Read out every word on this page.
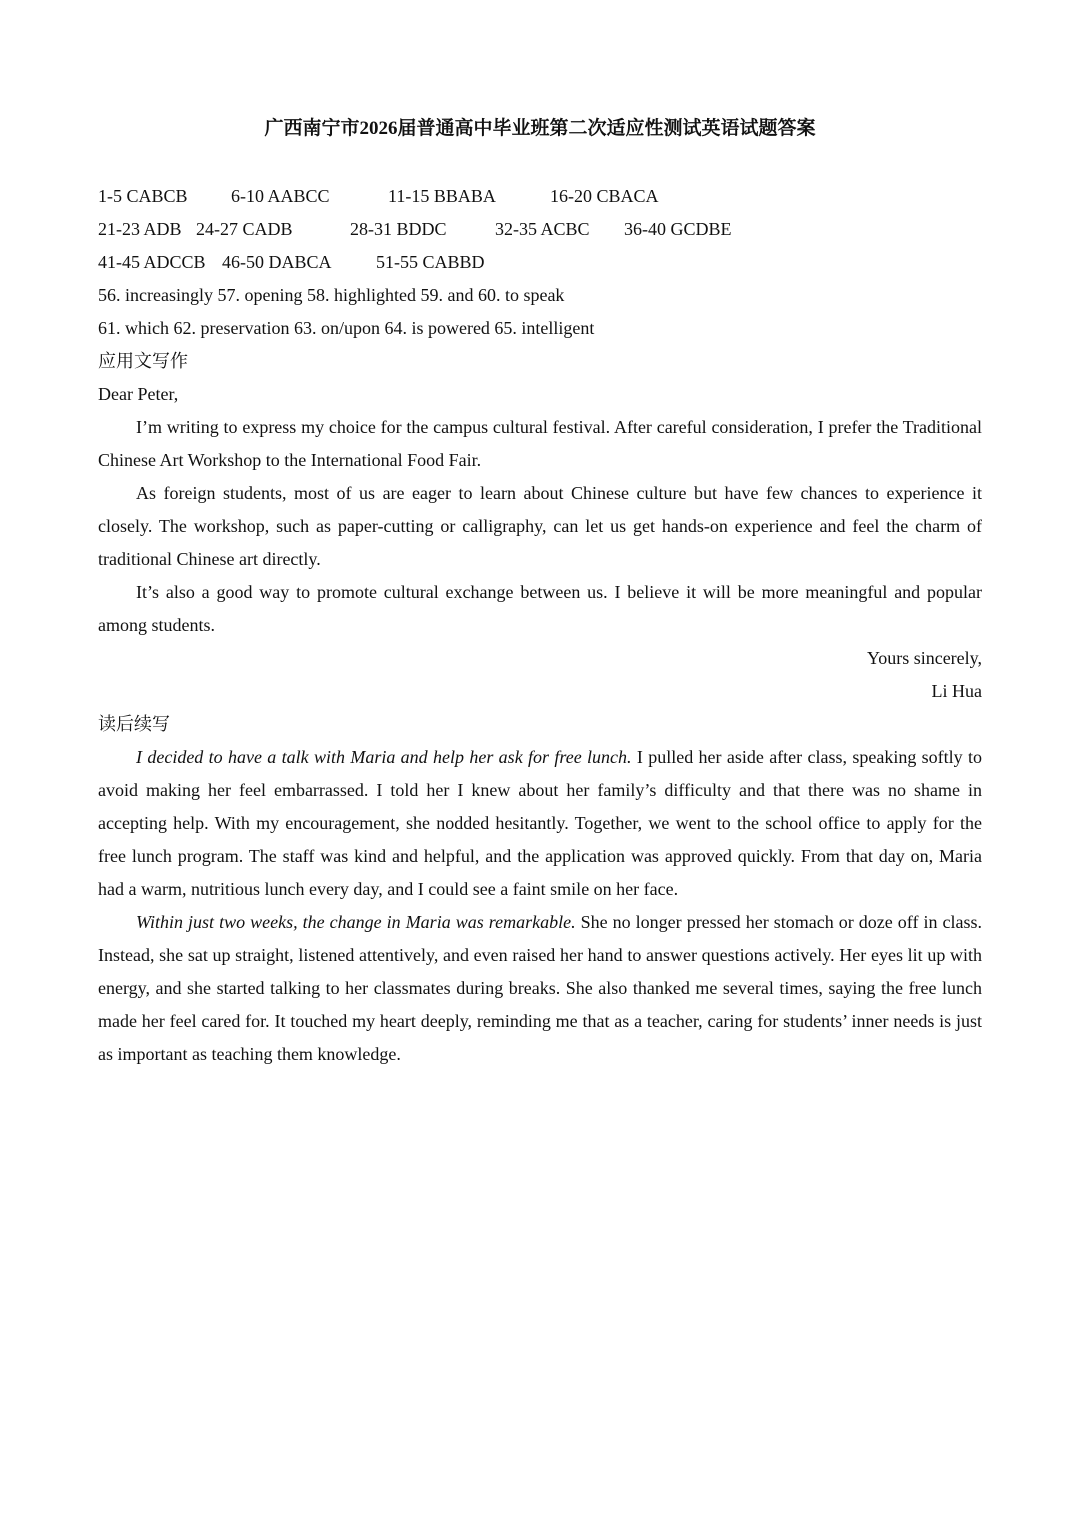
广西南宁市2026届普通高中毕业班第二次适应性测试英语试题答案
1-5 CABCB 6-10 AABCC	11-15 BBABA	16-20 CBACA
21-23 ADB 24-27 CADB	28-31 BDDC	32-35 ACBC 36-40 GCDBE
41-45 ADCCB 46-50 DABCA 51-55 CABBD
56. increasingly 57. opening 58. highlighted 59. and 60. to speak
61. which 62. preservation 63. on/upon 64. is powered 65. intelligent
应用文写作
Dear Peter,
I’m writing to express my choice for the campus cultural festival. After careful consideration, I prefer the Traditional Chinese Art Workshop to the International Food Fair.
As foreign students, most of us are eager to learn about Chinese culture but have few chances to experience it closely. The workshop, such as paper-cutting or calligraphy, can let us get hands-on experience and feel the charm of traditional Chinese art directly.
It’s also a good way to promote cultural exchange between us. I believe it will be more meaningful and popular among students.
Yours sincerely,
Li Hua
读后续写
I decided to have a talk with Maria and help her ask for free lunch. I pulled her aside after class, speaking softly to avoid making her feel embarrassed. I told her I knew about her family’s difficulty and that there was no shame in accepting help. With my encouragement, she nodded hesitantly. Together, we went to the school office to apply for the free lunch program. The staff was kind and helpful, and the application was approved quickly. From that day on, Maria had a warm, nutritious lunch every day, and I could see a faint smile on her face.
Within just two weeks, the change in Maria was remarkable. She no longer pressed her stomach or doze off in class. Instead, she sat up straight, listened attentively, and even raised her hand to answer questions actively. Her eyes lit up with energy, and she started talking to her classmates during breaks. She also thanked me several times, saying the free lunch made her feel cared for. It touched my heart deeply, reminding me that as a teacher, caring for students’ inner needs is just as important as teaching them knowledge.
